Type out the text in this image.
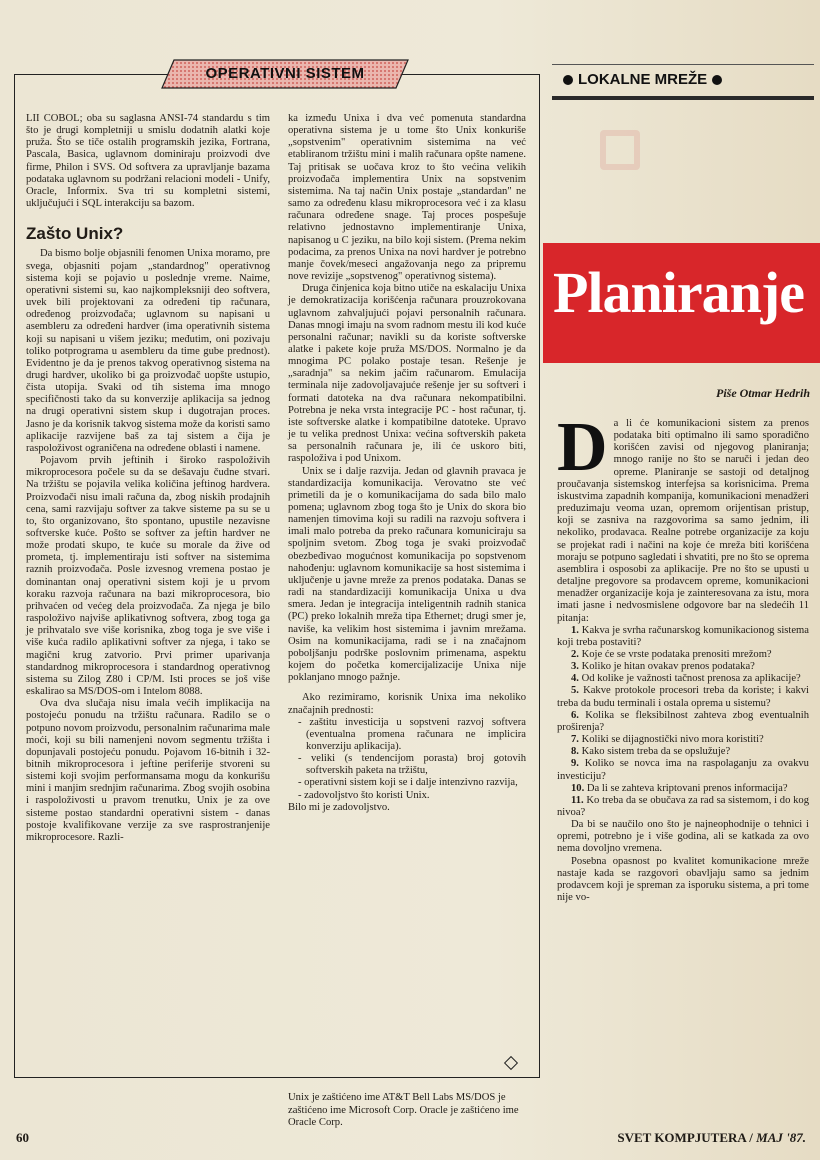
OPERATIVNI SISTEM

LII COBOL; oba su saglasna ANSI-74 standardu s tim što je drugi kompletniji u smislu dodatnih alatki koje pruža. Što se tiče ostalih programskih jezika, Fortrana, Pascala, Basica, uglavnom dominiraju proizvodi dve firme, Philon i SVS. Od softvera za upravljanje bazama podataka uglavnom su podržani relacioni modeli - Unify, Oracle, Informix. Sva tri su kompletni sistemi, uključujući i SQL interakciju sa bazom.

Zašto Unix?

Da bismo bolje objasnili fenomen Unixa moramo, pre svega, objasniti pojam „standardnog" operativnog sistema koji se pojavio u poslednje vreme. Naime, operativni sistemi su, kao najkompleksniji deo softvera, uvek bili projektovani za određeni tip računara, određenog proizvođača; uglavnom su napisani u asembleru za određeni hardver (ima operativnih sistema koji su napisani u višem jeziku; međutim, oni pozivaju toliko potprograma u asembleru da time gube prednost). Evidentno je da je prenos takvog operativnog sistema na drugi hardver, ukoliko bi ga proizvođač uopšte ustupio, čista utopija. Svaki od tih sistema ima mnogo specifičnosti tako da su konverzije aplikacija sa jednog na drugi operativni sistem skup i dugotrajan proces. Jasno je da korisnik takvog sistema može da koristi samo aplikacije razvijene baš za taj sistem a čija je raspoloživost ograničena na određene oblasti i namene.

Pojavom prvih jeftinih i široko raspoloživih mikroprocesora počele su da se dešavaju čudne stvari. Na tržištu se pojavila velika količina jeftinog hardvera. Proizvođači nisu imali računa da, zbog niskih prodajnih cena, sami razvijaju softver za takve sisteme pa su se u to, što organizovano, što spontano, upustile nezavisne softverske kuće. Pošto se softver za jeftin hardver ne može prodati skupo, te kuće su morale da žive od prometa, tj. implementiraju isti softver na sistemima raznih proizvođača. Posle izvesnog vremena postao je dominantan onaj operativni sistem koji je u prvom koraku razvoja računara na bazi mikroprocesora, bio prihvaćen od većeg dela proizvođača. Za njega je bilo raspoloživo najviše aplikativnog softvera, zbog toga ga je prihvatalo sve više korisnika, zbog toga je sve više i više kuća radilo aplikativni softver za njega, i tako se magični krug zatvorio. Prvi primer uparivanja standardnog mikroprocesora i standardnog operativnog sistema su Zilog Z80 i CP/M. Isti proces se još više eskalirao sa MS/DOS-om i Intelom 8088.

Ova dva slučaja nisu imala većih implikacija na postojeću ponudu na tržištu računara. Radilo se o potpuno novom proizvodu, personalnim računarima male moći, koji su bili namenjeni novom segmentu tržišta i dopunjavali postojeću ponudu. Pojavom 16-bitnih i 32-bitnih mikroprocesora i jeftine periferije stvoreni su sistemi koji svojim performansama mogu da konkurišu mini i manjim srednjim računarima. Zbog svojih osobina i raspoloživosti u pravom trenutku, Unix je za ove sisteme postao standardni operativni sistem - danas postoje kvalifikovane verzije za sve rasprostranjenije mikroprocesore. Razli-

ka između Unixa i dva već pomenuta standardna operativna sistema je u tome što Unix konkuriše „sopstvenim" operativnim sistemima na već etabliranom tržištu mini i malih računara opšte namene. Taj pritisak se uočava kroz to što većina velikih proizvođača implementira Unix na sopstvenim sistemima. Na taj način Unix postaje „standardan" ne samo za određenu klasu mikroprocesora već i za klasu računara određene snage. Taj proces pospešuje relativno jednostavno implementiranje Unixa, napisanog u C jeziku, na bilo koji sistem. (Prema nekim podacima, za prenos Unixa na novi hardver je potrebno manje čovek/meseci angažovanja nego za pripremu nove revizije „sopstvenog" operativnog sistema).

Druga činjenica koja bitno utiče na eskalaciju Unixa je demokratizacija korišćenja računara prouzrokovana uglavnom zahvaljujući pojavi personalnih računara. Danas mnogi imaju na svom radnom mestu ili kod kuće personalni računar; navikli su da koriste softverske alatke i pakete koje pruža MS/DOS. Normalno je da mnogima PC polako postaje tesan. Rešenje je „saradnja" sa nekim jačim računarom. Emulacija terminala nije zadovoljavajuće rešenje jer su softveri i formati datoteka na dva računara nekompatibilni. Potrebna je neka vrsta integracije PC - host računar, tj. iste softverske alatke i kompatibilne datoteke. Upravo je tu velika prednost Unixa: većina softverskih paketa sa personalnih računara je, ili će uskoro biti, raspoloživa i pod Unixom.

Unix se i dalje razvija. Jedan od glavnih pravaca je standardizacija komunikacija. Verovatno ste već primetili da je o komunikacijama do sada bilo malo pomena; uglavnom zbog toga što je Unix do skora bio namenjen timovima koji su radili na razvoju softvera i imali malo potreba da preko računara komuniciraju sa spoljnim svetom. Zbog toga je svaki proizvođač obezbeđivao mogućnost komunikacija po sopstvenom nahođenju: uglavnom komunikacije sa host sistemima i uključenje u javne mreže za prenos podataka. Danas se radi na standardizaciji komunikacija Unixa u dva smera. Jedan je integracija inteligentnih radnih stanica (PC) preko lokalnih mreža tipa Ethernet; drugi smer je, naviše, ka velikim host sistemima i javnim mrežama. Osim na komunikacijama, radi se i na značajnom poboljšanju podrške poslovnim primenama, aspektu kojem do početka komercijalizacije Unixa nije poklanjano mnogo pažnje.

Ako rezimiramo, korisnik Unixa ima nekoliko značajnih prednosti:

- zaštitu investicija u sopstveni razvoj softvera (eventualna promena računara ne implicira konverziju aplikacija).
- veliki (s tendencijom porasta) broj gotovih softverskih paketa na tržištu,
- operativni sistem koji se i dalje intenzivno razvija,
- zadovoljstvo što koristi Unix.

Bilo mi je zadovoljstvo.

Unix je zaštićeno ime AT&T Bell Labs MS/DOS je zaštićeno ime Microsoft Corp. Oracle je zaštićeno ime Oracle Corp.
LOKALNE MREŽE
Planiranje
Piše Otmar Hedrih
D a li će komunikacioni sistem za prenos podataka biti optimalno ili samo sporadično korišćen zavisi od njegovog planiranja; mnogo ranije no što se naruči i jedan deo opreme. Planiranje se sastoji od detaljnog proučavanja sistemskog interfejsa sa korisnicima. Prema iskustvima zapadnih kompanija, komunikacioni menadžeri preduzimaju veoma uzan, opremom orijentisan pristup, koji se zasniva na razgovorima sa samo jednim, ili nekoliko, prodavaca. Realne potrebe organizacije za koju se projekat radi i načini na koje će mreža biti korišćena moraju se potpuno sagledati i shvatiti, pre no što se oprema asemblira i osposobi za aplikacije. Pre no što se upusti u detaljne pregovore sa prodavcem opreme, komunikacioni menadžer organizacije koja je zainteresovana za istu, mora imati jasne i nedvosmislene odgovore bar na sledećih 11 pitanja:

1. Kakva je svrha računarskog komunikacionog sistema koji treba postaviti?

2. Koje će se vrste podataka prenositi mrežom?

3. Koliko je hitan ovakav prenos podataka?

4. Od kolike je važnosti tačnost prenosa za aplikacije?

5. Kakve protokole procesori treba da koriste; i kakvi treba da budu terminali i ostala oprema u sistemu?

6. Kolika se fleksibilnost zahteva zbog eventualnih proširenja?

7. Koliki se dijagnostički nivo mora koristiti?

8. Kako sistem treba da se opslužuje?

9. Koliko se novca ima na raspolaganju za ovakvu investiciju?

10. Da li se zahteva kriptovani prenos informacija?

11. Ko treba da se obučava za rad sa sistemom, i do kog nivoa?

Da bi se naučilo ono što je najneophodnije o tehnici i opremi, potrebno je i više godina, ali se katkada za ovo nema dovoljno vremena.

Posebna opasnost po kvalitet komunikacione mreže nastaje kada se razgovori obavljaju samo sa jednim prodavcem koji je spreman za isporuku sistema, a pri tome nije vo-

60	SVET KOMPJUTERA / MAJ '87.
